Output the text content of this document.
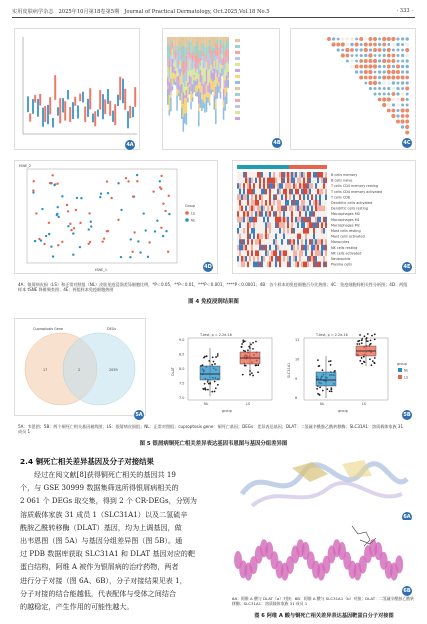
实用皮肤病学杂志 2025年10月第18卷第5期 Journal of Practical Dermatology, Oct.2025,Vol.18 No.5	· 333 ·
4A	4B	4C
tSNE_2
tSNE_1
Group
LS
NL
4D
B cells memory
B cells naive
T cells CD4 memory resting
T cells CD4 memory activated
T cells CD8
Dendritic cells activated
Dendritic cells resting
Macrophages M0
Macrophages M1
Macrophages M2
Mast cells resting
Mast cells activated
Monocytes
NK cells resting
NK cells activated
Neutrophils
Plasma cells	4E
4A：银屑病皮损（LS）和正常对照组（NL）皮肤免疫浸润差异细胞比例，*P＜0.05，**P＜0.01，***P＜0.001，****P＜0.0001；4B：各个样本的免疫细胞百分比热图；4C：免疫细胞间相关性分析图；4D：两组样本 tSNE 降维聚类图；4E：两组样本免疫细胞热图
图 4 免疫浸润结果图
Cuproptosis Gene	DEGs
17	2	2059
5A
T-test, p = 2.2e-16
DLAT
group
NL	LS
9.0
8.5
8.0
7.5
7.0
T-test, p = 2.2e-16
SLC31A1
group
NL	LS
11
10
9
8
group
NL
LS
5B
5A：韦恩图；5B：两个铜死亡相关基因箱线图；LS：银屑病皮损组；NL：正常对照组；cuproptosis gene：铜死亡基因；DEGs：差异表达基因；DLAT：二氢硫辛酰胺乙酰转移酶；SLC31A1：溶质载体家族 31 成员 1
图 5 银屑病铜死亡相关差异表达基因韦恩图与基因分组差异图
2.4 铜死亡相关差异基因及分子对接结果
经过在阅文献[8]获得铜死亡相关的基因共 19
个，与 GSE 30999 数据集筛选所得银屑病相关的
2 061 个 DEGs 取交集，得到 2 个 CR-DEGs，分别为
溶质载体家族 31 成员 1（SLC31A1）以及二氢硫辛
酰胺乙酰转移酶（DLAT）基因，均为上调基因，做
出韦恩图（图 5A）与基因分组差异图（图 5B）。通
过 PDB 数据库获取 SLC31A1 和 DLAT 基因对应的靶
蛋白结构，阿维 A 被作为银屑病的治疗药物，两者
进行分子对接（图 6A、6B），分子对接结果见表 1，
分子对接的结合能越低，代表配体与受体之间结合
的越稳定，产生作用的可能性越大。
6A
6B
6A：阿维 A 酸与 DLAT（a）对接；6B：阿维 A 酸与 SLC31A1（b）对接；DLAT：二氢硫辛酰胺乙酰转移酶；SLC31A1：溶质载体家族 31 成员 1
图 6 阿维 A 酸与铜死亡相关差异表达基因靶蛋白分子对接图
